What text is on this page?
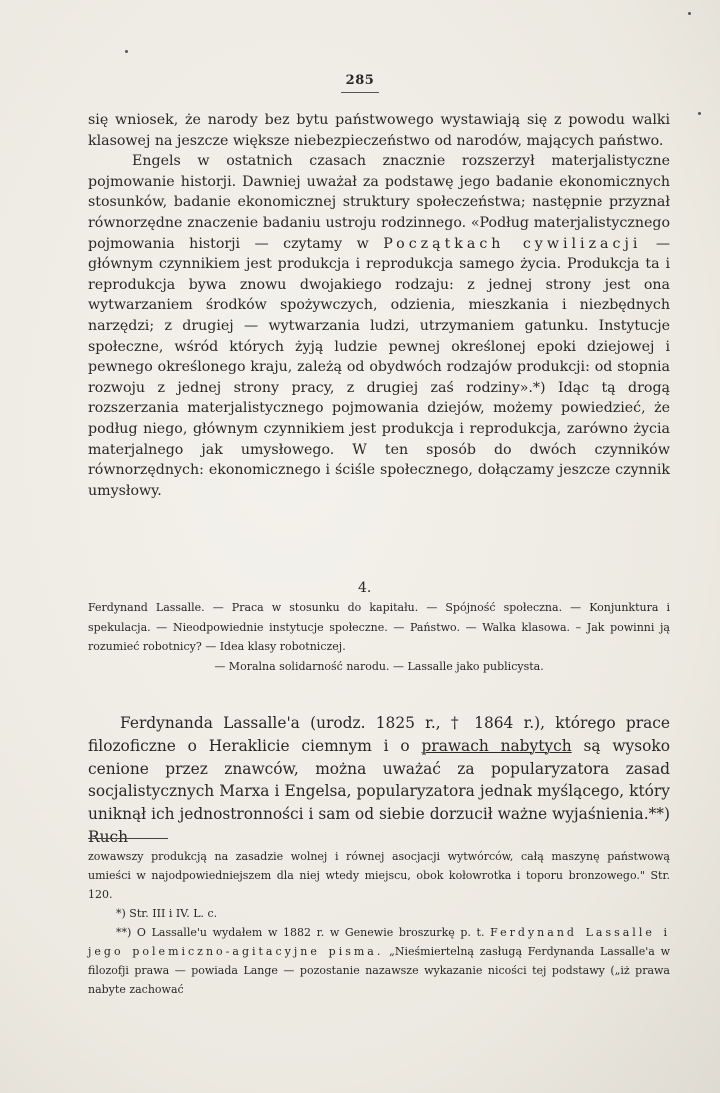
285

się wniosek, że narody bez bytu państwowego wystawiają się z powodu walki klasowej na jeszcze większe niebezpieczeństwo od narodów, mających państwo.

Engels w ostatnich czasach znacznie rozszerzył materjalistyczne pojmowanie historji. Dawniej uważał za podstawę jego badanie ekonomicznych stosunków, badanie ekonomicznej struktury społeczeństwa; następnie przyznał równorzędne znaczenie badaniu ustroju rodzinnego. «Podług materjalistycznego pojmowania historji — czytamy w Początkach cywilizacji — głównym czynnikiem jest produkcja i reprodukcja samego życia. Produkcja ta i reprodukcja bywa znowu dwojakiego rodzaju: z jednej strony jest ona wytwarzaniem środków spożywczych, odzienia, mieszkania i niezbędnych narzędzi; z drugiej — wytwarzania ludzi, utrzymaniem gatunku. Instytucje społeczne, wśród których żyją ludzie pewnej określonej epoki dziejowej i pewnego określonego kraju, zależą od obydwóch rodzajów produkcji: od stopnia rozwoju z jednej strony pracy, z drugiej zaś rodziny».*) Idąc tą drogą rozszerzania materjalistycznego pojmowania dziejów, możemy powiedzieć, że podług niego, głównym czynnikiem jest produkcja i reprodukcja, zarówno życia materjalnego jak umysłowego. W ten sposób do dwóch czynników równorzędnych: ekonomicznego i ściśle społecznego, dołączamy jeszcze czynnik umysłowy.

4.
Ferdynand Lassalle. — Praca w stosunku do kapitału. — Spójność społeczna. — Konjunktura i spekulacja. — Nieodpowiednie instytucje społeczne. — Państwo. — Walka klasowa. – Jak powinni ją rozumieć robotnicy? — Idea klasy robotniczej.
— Moralna solidarność narodu. — Lassalle jako publicysta.

Ferdynanda Lassalle'a (urodz. 1825 r., † 1864 r.), którego prace filozoficzne o Heraklicie ciemnym i o prawach nabytych są wysoko cenione przez znawców, można uważać za popularyzatora zasad socjalistycznych Marxa i Engelsa, popularyzatora jednak myślącego, który uniknął ich jednostronności i sam od siebie dorzucił ważne wyjaśnienia.**) Ruch

zowawszy produkcją na zasadzie wolnej i równej asocjacji wytwórców, całą maszynę państwową umieści w najodpowiedniejszem dla niej wtedy miejscu, obok kołowrotka i toporu bronzowego." Str. 120.

*) Str. III i IV. L. c.

**) O Lassalle'u wydałem w 1882 r. w Genewie broszurkę p. t. Ferdynand Lassalle i jego polemiczno-agitacyjne pisma. „Nieśmiertelną zasługą Ferdynanda Lassalle'a w filozofji prawa — powiada Lange — pozostanie nazawsze wykazanie nicości tej podstawy („iż prawa nabyte zachować
